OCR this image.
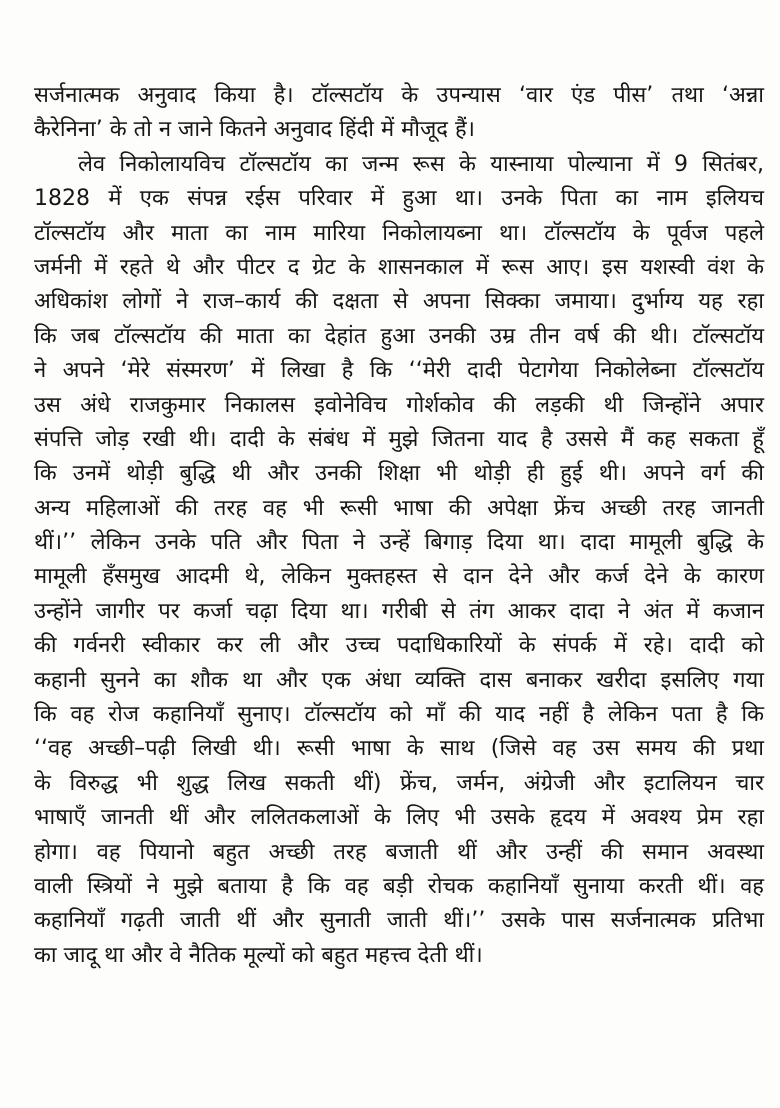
सर्जनात्मक अनुवाद किया है। टॉल्सटॉय के उपन्यास ‘वार एंड पीस’ तथा ‘अन्ना
कैरेनिना’ के तो न जाने कितने अनुवाद हिंदी में मौजूद हैं।
लेव निकोलायविच टॉल्सटॉय का जन्म रूस के यास्नाया पोल्याना में 9 सितंबर,
1828 में एक संपन्न रईस परिवार में हुआ था। उनके पिता का नाम इलियच
टॉल्सटॉय और माता का नाम मारिया निकोलायब्ना था। टॉल्सटॉय के पूर्वज पहले
जर्मनी में रहते थे और पीटर द ग्रेट के शासनकाल में रूस आए। इस यशस्वी वंश के
अधिकांश लोगों ने राज–कार्य की दक्षता से अपना सिक्का जमाया। दुर्भाग्य यह रहा
कि जब टॉल्सटॉय की माता का देहांत हुआ उनकी उम्र तीन वर्ष की थी। टॉल्सटॉय
ने अपने ‘मेरे संस्मरण’ में लिखा है कि ‘‘मेरी दादी पेटागेया निकोलेब्ना टॉल्सटॉय
उस अंधे राजकुमार निकालस इवोनेविच गोर्शकोव की लड़की थी जिन्होंने अपार
संपत्ति जोड़ रखी थी। दादी के संबंध में मुझे जितना याद है उससे मैं कह सकता हूँ
कि उनमें थोड़ी बुद्धि थी और उनकी शिक्षा भी थोड़ी ही हुई थी। अपने वर्ग की
अन्य महिलाओं की तरह वह भी रूसी भाषा की अपेक्षा फ्रेंच अच्छी तरह जानती
थीं।’’ लेकिन उनके पति और पिता ने उन्हें बिगाड़ दिया था। दादा मामूली बुद्धि के
मामूली हँसमुख आदमी थे, लेकिन मुक्तहस्त से दान देने और कर्ज देने के कारण
उन्होंने जागीर पर कर्जा चढ़ा दिया था। गरीबी से तंग आकर दादा ने अंत में कजान
की गर्वनरी स्वीकार कर ली और उच्च पदाधिकारियों के संपर्क में रहे। दादी को
कहानी सुनने का शौक था और एक अंधा व्यक्ति दास बनाकर खरीदा इसलिए गया
कि वह रोज कहानियाँ सुनाए। टॉल्सटॉय को माँ की याद नहीं है लेकिन पता है कि
‘‘वह अच्छी–पढ़ी लिखी थी। रूसी भाषा के साथ (जिसे वह उस समय की प्रथा
के विरुद्ध भी शुद्ध लिख सकती थीं) फ्रेंच, जर्मन, अंग्रेजी और इटालियन चार
भाषाएँ जानती थीं और ललितकलाओं के लिए भी उसके हृदय में अवश्य प्रेम रहा
होगा। वह पियानो बहुत अच्छी तरह बजाती थीं और उन्हीं की समान अवस्था
वाली स्त्रियों ने मुझे बताया है कि वह बड़ी रोचक कहानियाँ सुनाया करती थीं। वह
कहानियाँ गढ़ती जाती थीं और सुनाती जाती थीं।’’ उसके पास सर्जनात्मक प्रतिभा
का जादू था और वे नैतिक मूल्यों को बहुत महत्त्व देती थीं।
